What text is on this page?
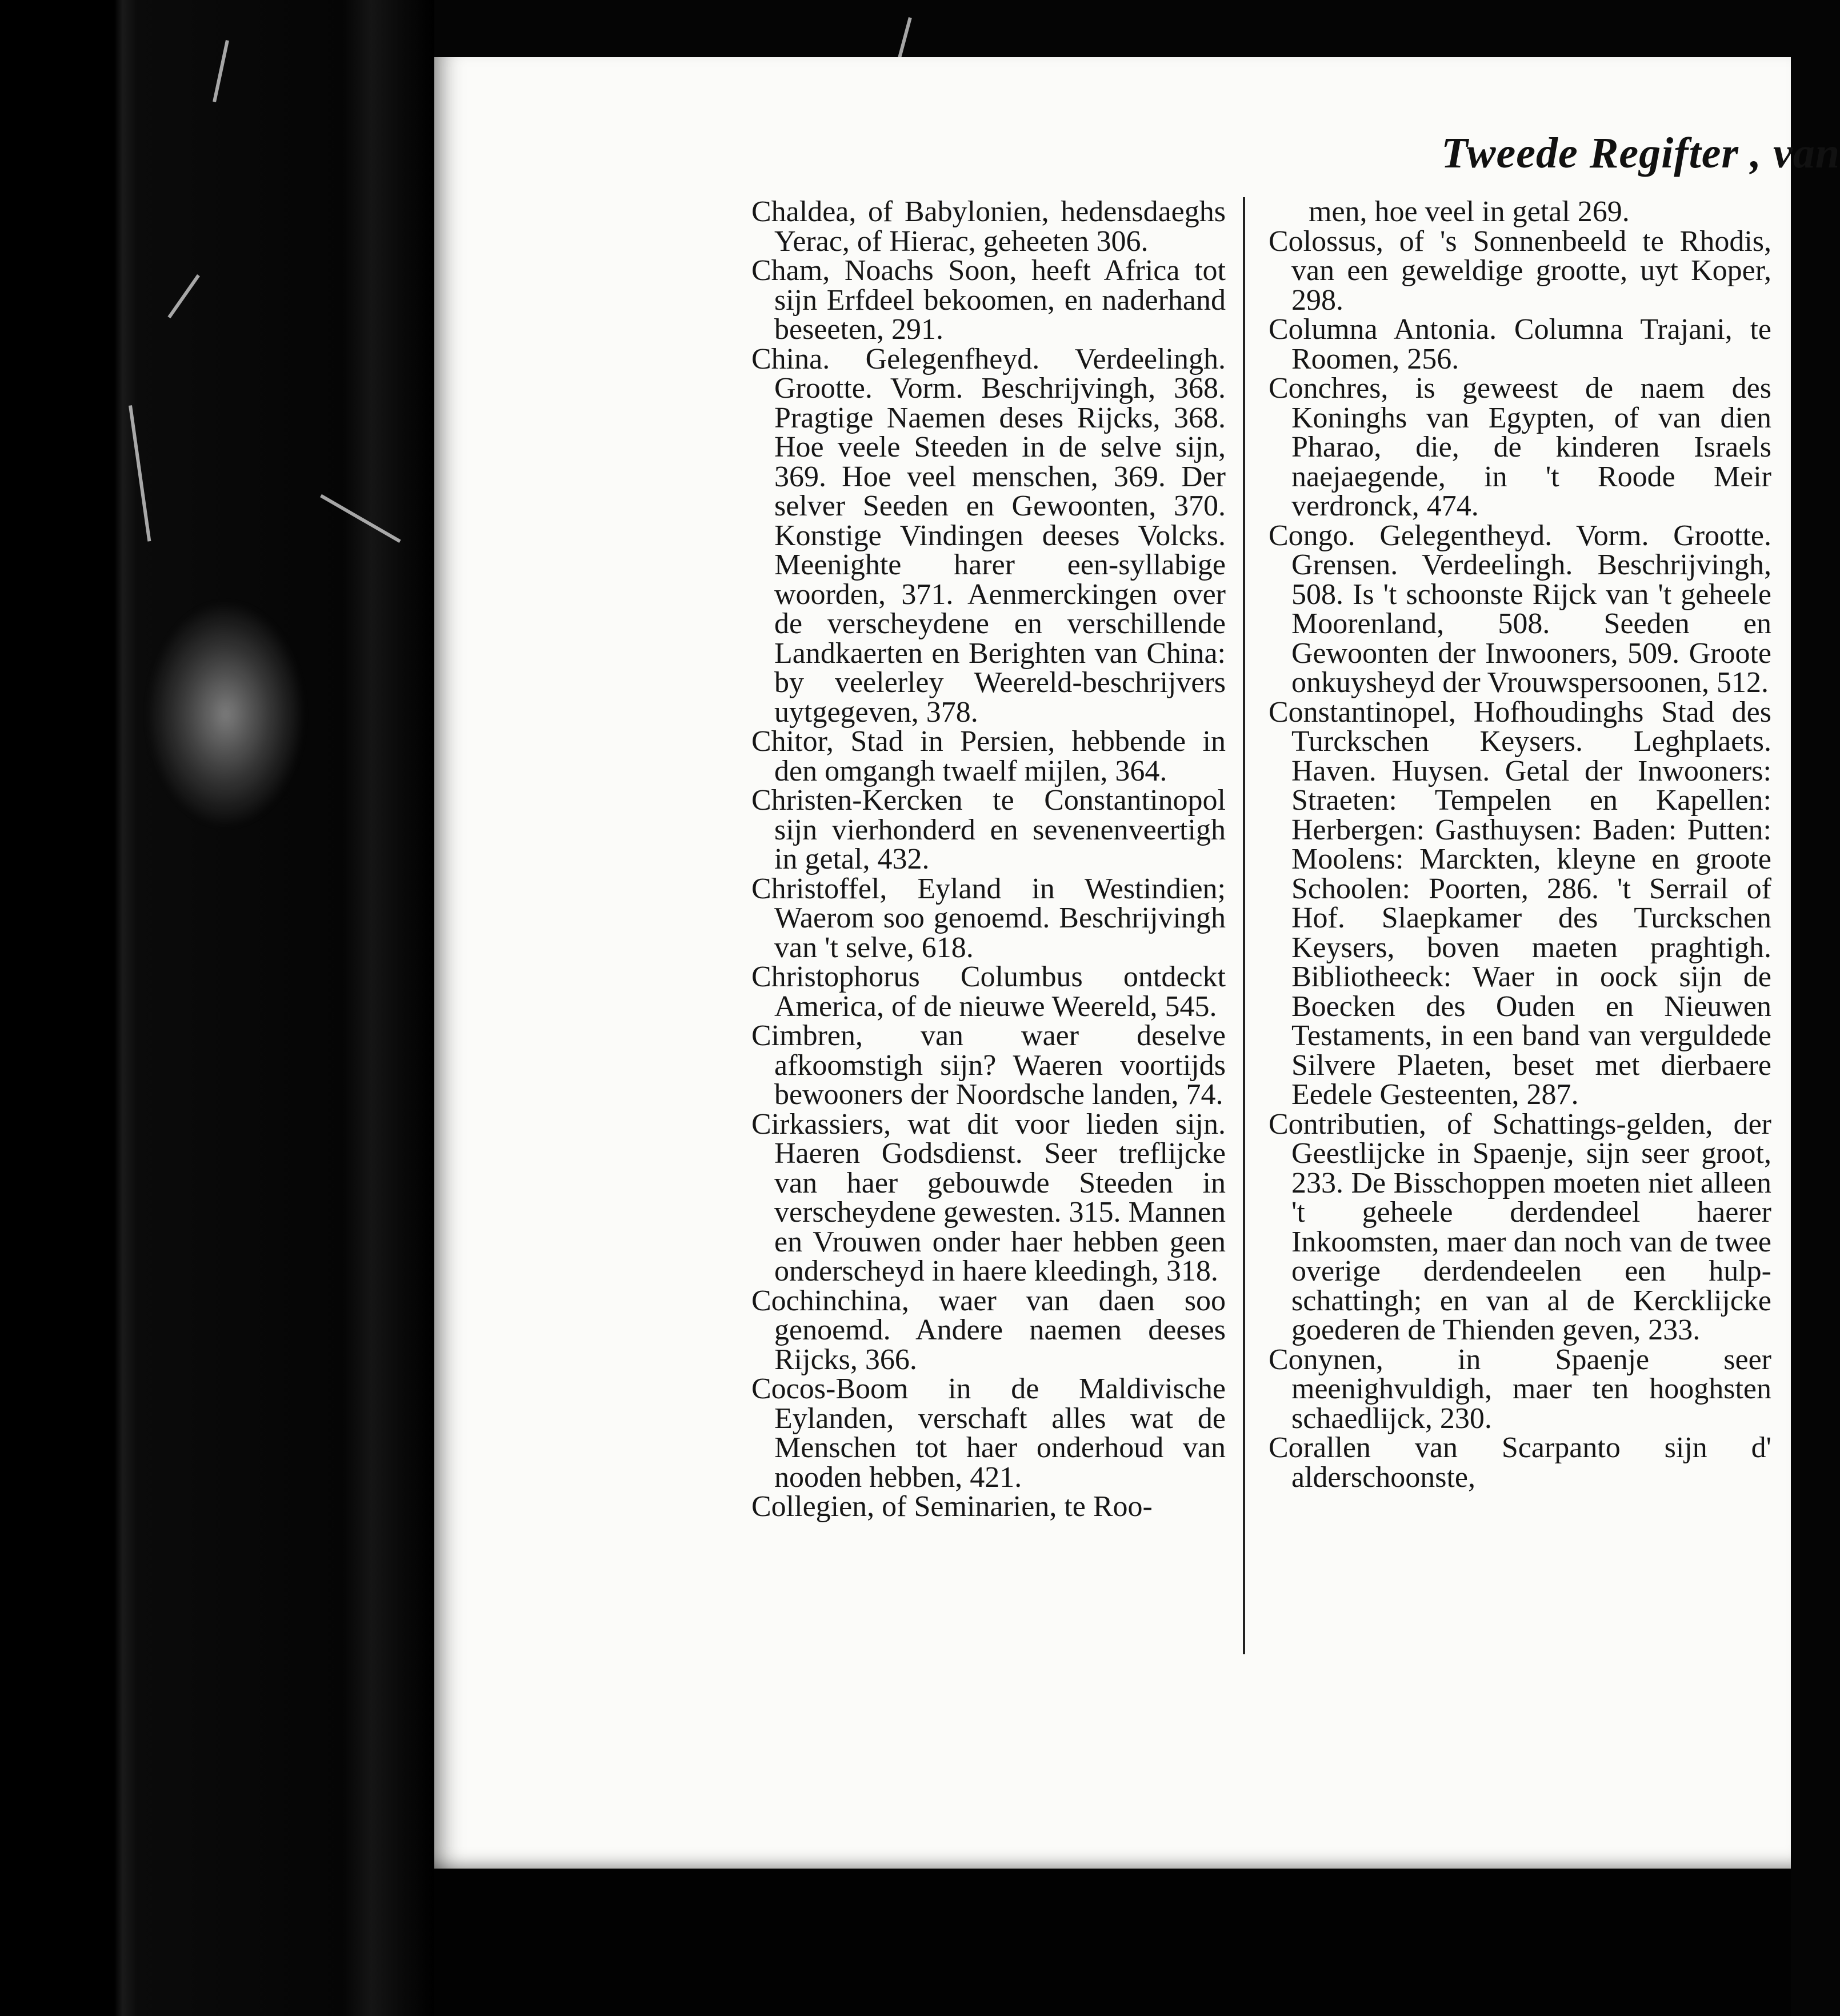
Tweede Regifter , van

Chaldea, of Babylonien, hedensdaeghs Yerac, of Hierac, geheeten 306.

Cham, Noachs Soon, heeft Africa tot sijn Erfdeel bekoomen, en naderhand beseeten, 291.

China. Gelegenfheyd. Verdeelingh. Grootte. Vorm. Beschrijvingh, 368. Pragtige Naemen deses Rijcks, 368. Hoe veele Steeden in de selve sijn, 369. Hoe veel menschen, 369. Der selver Seeden en Gewoonten, 370. Konstige Vindingen deeses Volcks. Meenighte harer een-syllabige woorden, 371. Aenmerckingen over de verscheydene en verschillende Landkaerten en Berighten van China: by veelerley Weereld-beschrijvers uytgegeven, 378.

Chitor, Stad in Persien, hebbende in den omgangh twaelf mijlen, 364.

Christen-Kercken te Constantinopol sijn vierhonderd en sevenenveertigh in getal, 432.

Christoffel, Eyland in Westindien; Waerom soo genoemd. Beschrijvingh van 't selve, 618.

Christophorus Columbus ontdeckt America, of de nieuwe Weereld, 545.

Cimbren, van waer deselve afkoomstigh sijn? Waeren voortijds bewooners der Noordsche landen, 74.

Cirkassiers, wat dit voor lieden sijn. Haeren Godsdienst. Seer treflijcke van haer gebouwde Steeden in verscheydene gewesten. 315. Mannen en Vrouwen onder haer hebben geen onderscheyd in haere kleedingh, 318.

Cochinchina, waer van daen soo genoemd. Andere naemen deeses Rijcks, 366.

Cocos-Boom in de Maldivische Eylanden, verschaft alles wat de Menschen tot haer onderhoud van nooden hebben, 421.

Collegien, of Seminarien, te Roo-

men, hoe veel in getal 269.

Colossus, of 's Sonnenbeeld te Rhodis, van een geweldige grootte, uyt Koper, 298.

Columna Antonia. Columna Trajani, te Roomen, 256.

Conchres, is geweest de naem des Koninghs van Egypten, of van dien Pharao, die, de kinderen Israels naejaegende, in 't Roode Meir verdronck, 474.

Congo. Gelegentheyd. Vorm. Grootte. Grensen. Verdeelingh. Beschrijvingh, 508. Is 't schoonste Rijck van 't geheele Moorenland, 508. Seeden en Gewoonten der Inwooners, 509. Groote onkuysheyd der Vrouwspersoonen, 512.

Constantinopel, Hofhoudinghs Stad des Turckschen Keysers. Leghplaets. Haven. Huysen. Getal der Inwooners: Straeten: Tempelen en Kapellen: Herbergen: Gasthuysen: Baden: Putten: Moolens: Marckten, kleyne en groote Schoolen: Poorten, 286. 't Serrail of Hof. Slaepkamer des Turckschen Keysers, boven maeten praghtigh. Bibliotheeck: Waer in oock sijn de Boecken des Ouden en Nieuwen Testaments, in een band van verguldede Silvere Plaeten, beset met dierbaere Eedele Gesteenten, 287.

Contributien, of Schattings-gelden, der Geestlijcke in Spaenje, sijn seer groot, 233. De Bisschoppen moeten niet alleen 't geheele derdendeel haerer Inkoomsten, maer dan noch van de twee overige derdendeelen een hulp-schattingh; en van al de Kercklijcke goederen de Thienden geven, 233.

Conynen, in Spaenje seer meenighvuldigh, maer ten hooghsten schaedlijck, 230.

Corallen van Scarpanto sijn d' alderschoonste,
